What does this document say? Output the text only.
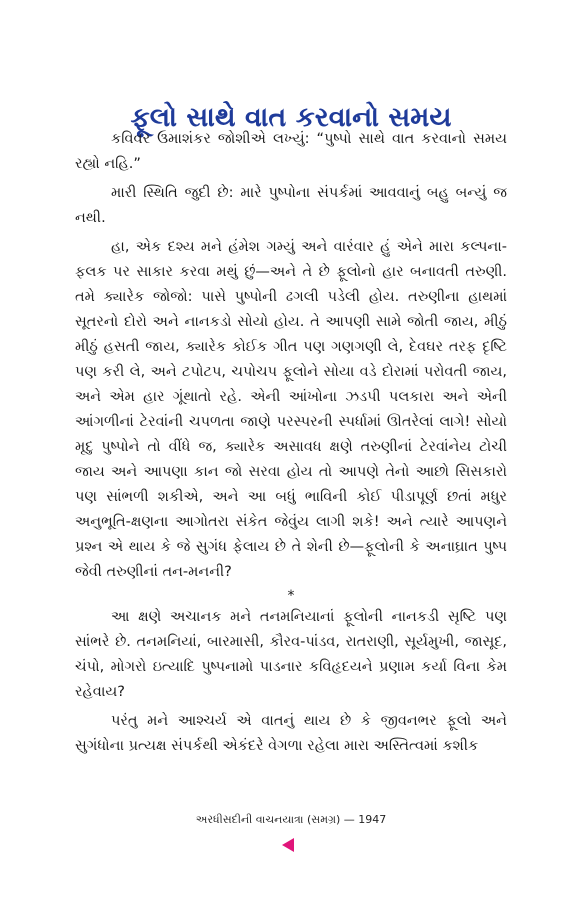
ફૂલો સાથે વાત કરવાનો સમય

કવિવર ઉમાશંકર જોશીએ લખ્યું: “પુષ્પો સાથે વાત કરવાનો સમય રહ્યો નહિ.”

મારી સ્થિતિ જુદી છે: મારે પુષ્પોના સંપર્કમાં આવવાનું બહુ બન્યું જ નથી.

હા, એક દશ્ય મને હંમેશ ગમ્યું અને વારંવાર હું એને મારા કલ્પના-ફલક પર સાકાર કરવા મથું છું—અને તે છે ફૂલોનો હાર બનાવતી તરુણી. તમે ક્યારેક જોજો: પાસે પુષ્પોની ઢગલી પડેલી હોય. તરુણીના હાથમાં સૂતરનો દોરો અને નાનકડો સોયો હોય. તે આપણી સામે જોતી જાય, મીઠું મીઠું હસતી જાય, ક્યારેક કોઈક ગીત પણ ગણગણી લે, દેવઘર તરફ દૃષ્ટિ પણ કરી લે, અને ટપોટપ, ચપોચપ ફૂલોને સોયા વડે દોરામાં પરોવતી જાય, અને એમ હાર ગૂંથાતો રહે. એની આંખોના ઝડપી પલકારા અને એની આંગળીનાં ટેરવાંની ચપળતા જાણે પરસ્પરની સ્પર્ધામાં ઊતરેલાં લાગે! સોયો મૃદુ પુષ્પોને તો વીંધે જ, ક્યારેક અસાવધ ક્ષણે તરુણીનાં ટેરવાંનેય ટોચી જાય અને આપણા કાન જો સરવા હોય તો આપણે તેનો આછો સિસકારો પણ સાંભળી શકીએ, અને આ બધું ભાવિની કોઈ પીડાપૂર્ણ છતાં મધુર અનુભૂતિ-ક્ષણના આગોતરા સંકેત જેવુંય લાગી શકે! અને ત્યારે આપણને પ્રશ્ન એ થાય કે જે સુગંધ ફેલાય છે તે શેની છે—ફૂલોની કે અનાઘ્રાત પુષ્પ જેવી તરુણીનાં તન-મનની?

*

આ ક્ષણે અચાનક મને તનમનિયાનાં ફૂલોની નાનકડી સૃષ્ટિ પણ સાંભરે છે. તનમનિયાં, બારમાસી, કૌરવ-પાંડવ, રાતરાણી, સૂર્યમુખી, જાસૂદ, ચંપો, મોગરો ઇત્યાદિ પુષ્પનામો પાડનાર કવિહૃદયને પ્રણામ કર્યા વિના કેમ રહેવાય?

પરંતુ મને આશ્ચર્ય એ વાતનું થાય છે કે જીવનભર ફૂલો અને સુગંધોના પ્રત્યક્ષ સંપર્કથી એકંદરે વેગળા રહેલા મારા અસ્તિત્વમાં કશીક

અરધીસદીની વાચનયાત્રા (સમગ્ર) — 1947
